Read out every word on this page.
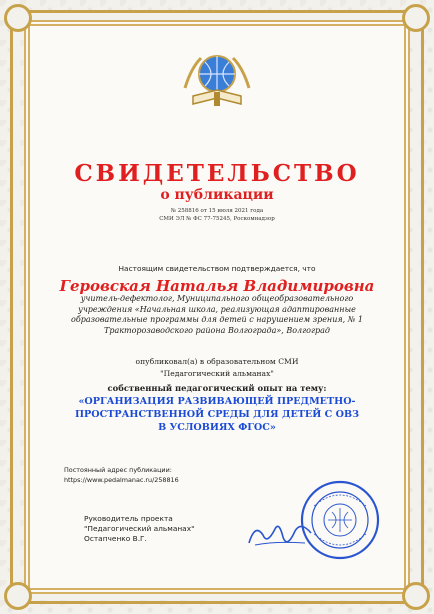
СВИДЕТЕЛЬСТВО
о публикации
№ 258816 от 15 июля 2021 года
СМИ ЭЛ № ФС 77-75245, Роскомнадзор
Настоящим свидетельством подтверждается, что
Геровская Наталья Владимировна
учитель-дефектолог, Муниципального общеобразовательного учреждения «Начальная школа, реализующая адаптированные образовательные программы для детей с нарушением зрения, № 1 Тракторозаводского района Волгограда», Волгоград
опубликовал(а) в образовательном СМИ
"Педагогический альманах"
собственный педагогический опыт на тему:
«ОРГАНИЗАЦИЯ РАЗВИВАЮЩЕЙ ПРЕДМЕТНО-ПРОСТРАНСТВЕННОЙ СРЕДЫ ДЛЯ ДЕТЕЙ С ОВЗ В УСЛОВИЯХ ФГОС»
Постоянный адрес публикации:
https://www.pedalmanac.ru/258816
Руководитель проекта
"Педагогический альманах"
Остапченко В.Г.
